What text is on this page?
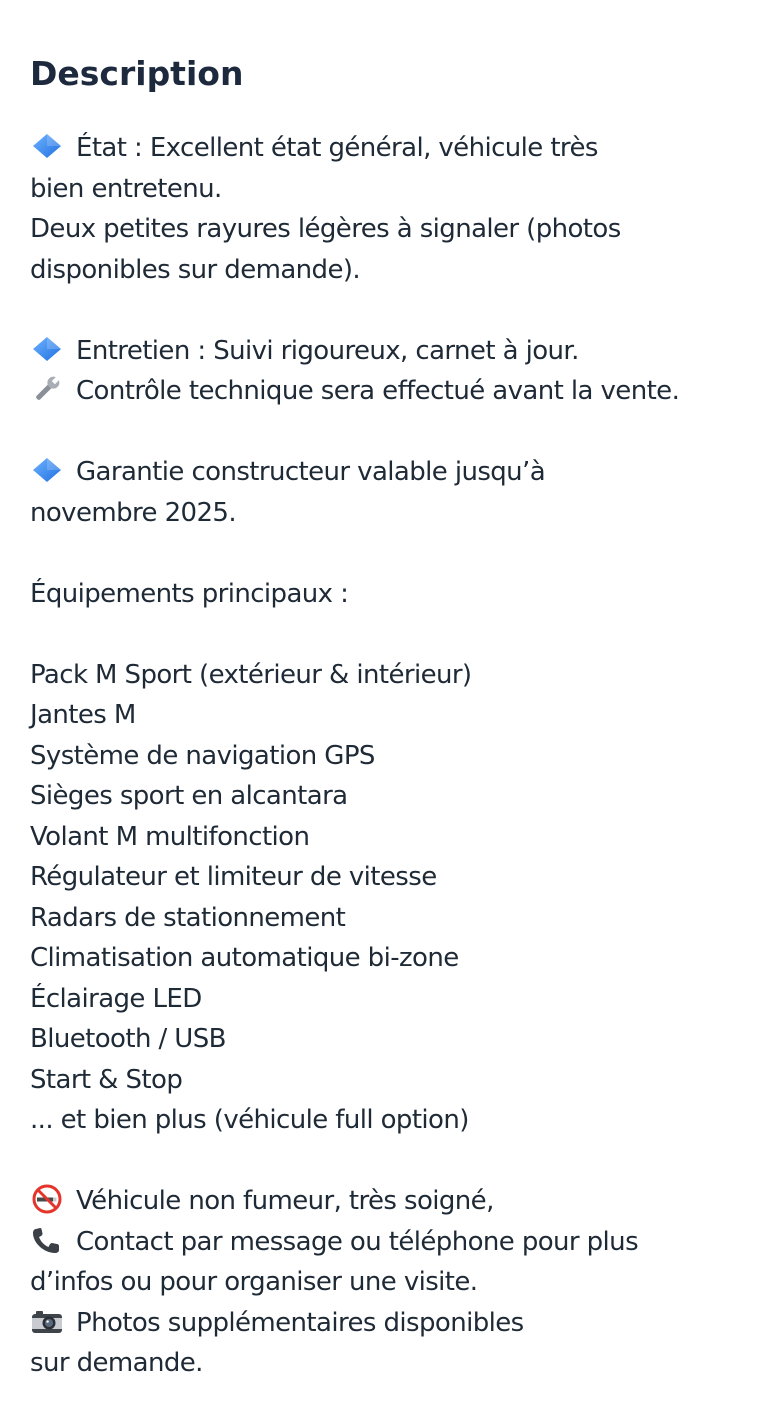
Description
État : Excellent état général, véhicule très
bien entretenu.
Deux petites rayures légères à signaler (photos
disponibles sur demande).
Entretien : Suivi rigoureux, carnet à jour.
Contrôle technique sera effectué avant la vente.
Garantie constructeur valable jusqu’à
novembre 2025.
Équipements principaux :
Pack M Sport (extérieur & intérieur)
Jantes M
Système de navigation GPS
Sièges sport en alcantara
Volant M multifonction
Régulateur et limiteur de vitesse
Radars de stationnement
Climatisation automatique bi-zone
Éclairage LED
Bluetooth / USB
Start & Stop
... et bien plus (véhicule full option)
Véhicule non fumeur, très soigné,
Contact par message ou téléphone pour plus
d’infos ou pour organiser une visite.
Photos supplémentaires disponibles
sur demande.
